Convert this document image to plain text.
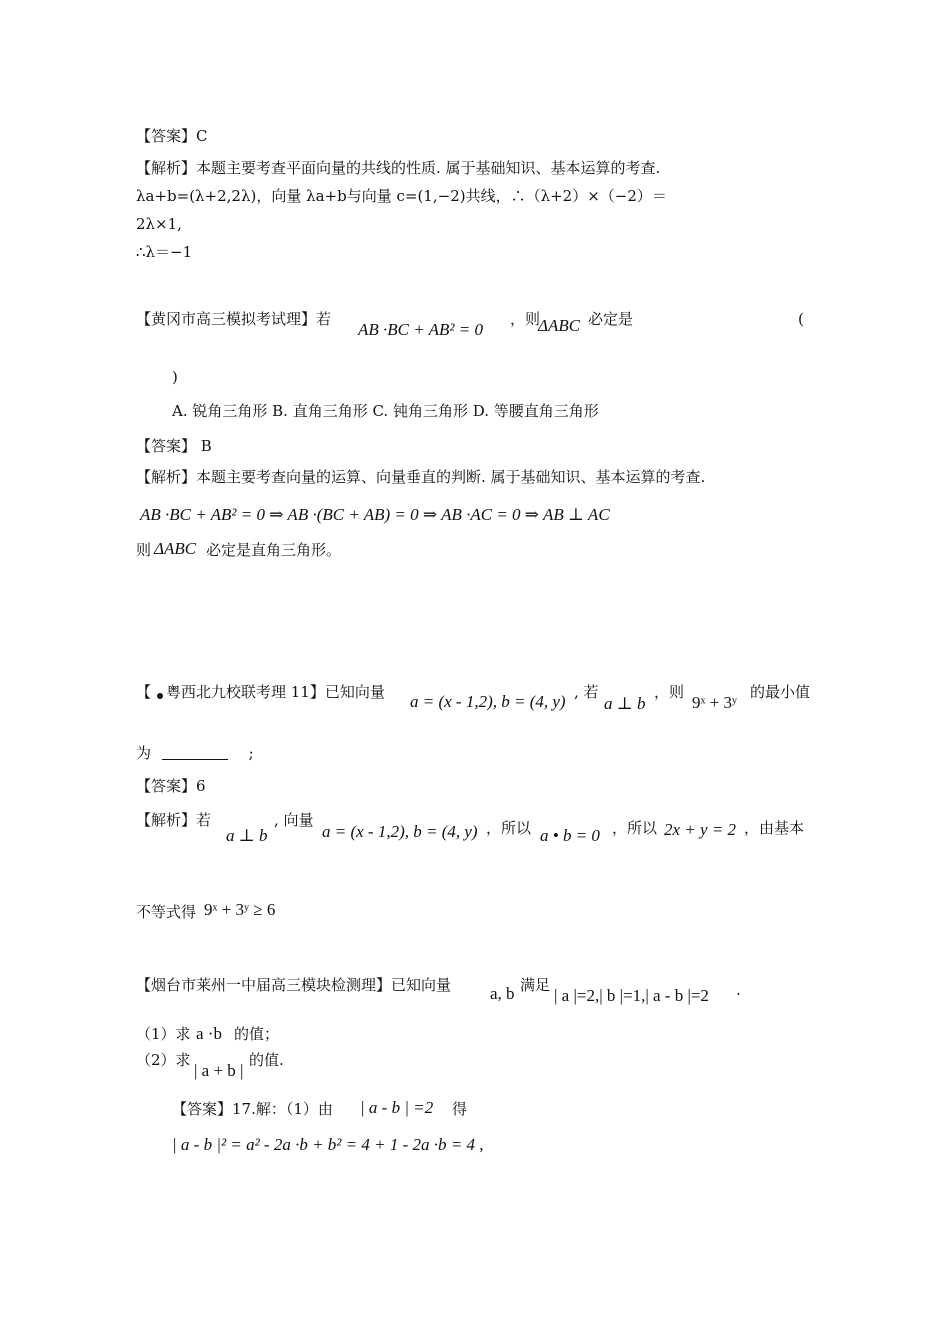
【答案】C
【解析】本题主要考查平面向量的共线的性质. 属于基础知识、基本运算的考查.
λa+b=(λ+2,2λ)，向量 λa+b与向量 c=(1,−2)共线，∴（λ+2）×（−2）＝
2λ×1,
∴λ＝−1
【黄冈市高三模拟考试理】若
AB ·BC + AB² = 0
，则
ΔABC 必定是	(
)
A. 锐角三角形 B. 直角三角形 C. 钝角三角形 D. 等腰直角三角形
【答案】 B
【解析】本题主要考查向量的运算、向量垂直的判断. 属于基础知识、基本运算的考查.
AB ·BC + AB² = 0 ⇒ AB ·(BC + AB) = 0 ⇒ AB ·AC = 0 ⇒ AB ⊥ AC
则 ΔABC 必定是直角三角形。
【 粤西北九校联考理 11】已知向量 a = (x - 1,2), b = (4, y) , 若
a ⊥ b
，则
9ˣ + 3ʸ
的最小值
为	;
【答案】6
【解析】若
a ⊥ b
, 向量
a = (x - 1,2), b = (4, y) ，所以 a • b = 0 ，所以 2x + y = 2 ，由基本
不等式得 9ˣ + 3ʸ ≥ 6
【烟台市莱州一中届高三模块检测理】已知向量 a, b 满足
| a |=2,| b |=1,| a - b |=2 .
（1）求 a ·b 的值；
（2）求
| a + b |
的值.
【答案】17.解：（1）由 | a - b | =2 得
| a - b |² = a² - 2a ·b + b² = 4 + 1 - 2a ·b = 4 ,
